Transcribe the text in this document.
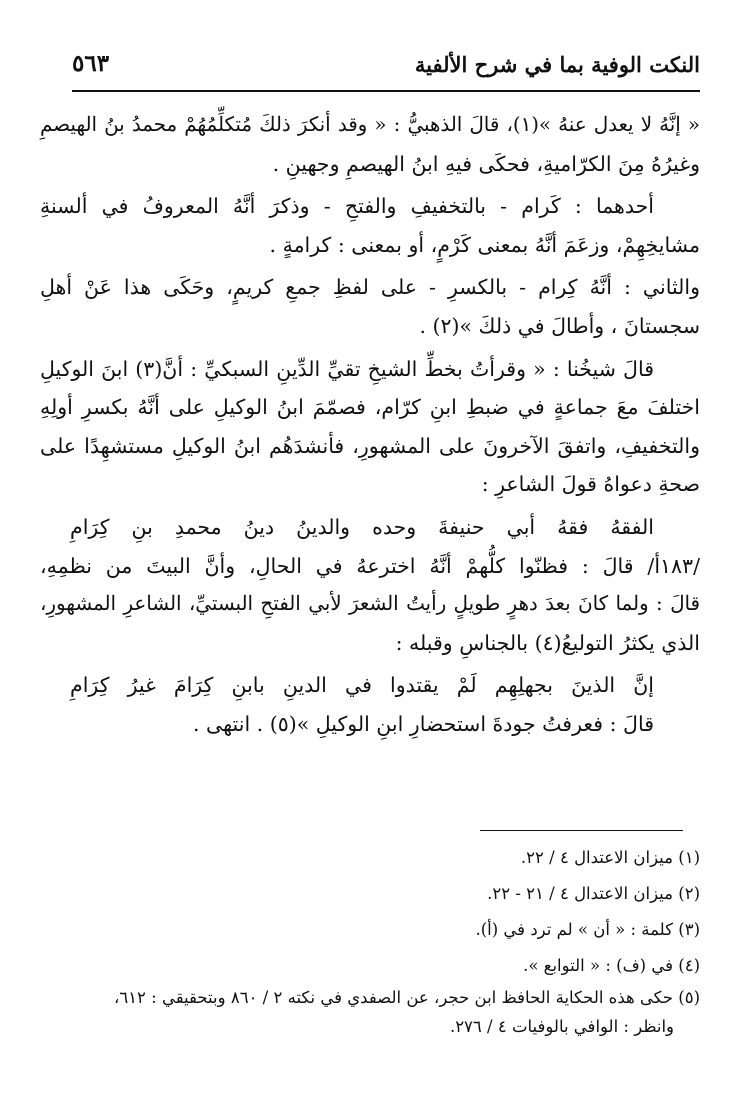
النكت الوفية بما في شرح الألفية
٥٦٣
« إنَّهُ لا يعدل عنهُ »(١)، قالَ الذهبيُّ : « وقد أنكرَ ذلكَ مُتكلِّمُهُمْ محمدُ بنُ الهيصمِ
وغيرُهُ مِنَ الكرّاميةِ، فحكَى فيهِ ابنُ الهيصمِ وجهينِ .
أحدهما : كَرام - بالتخفيفِ والفتحِ - وذكرَ أنَّهُ المعروفُ في ألسنةِ
مشايخِهِمْ، وزعَمَ أنَّهُ بمعنى كَرْمٍ، أو بمعنى : كرامةٍ .
والثاني : أنَّهُ كِرام - بالكسرِ - على لفظِ جمعِ كريمٍ، وحَكَى هذا عَنْ أهلِ
سجستانَ ، وأطالَ في ذلكَ »(٢) .
قالَ شيخُنا : « وقرأتُ بخطِّ الشيخِ تقيِّ الدِّينِ السبكيِّ : أنَّ(٣) ابنَ الوكيلِ
اختلفَ معَ جماعةٍ في ضبطِ ابنِ كرّام، فصمّمَ ابنُ الوكيلِ على أنَّهُ بكسرِ أولِهِ
والتخفيفِ، واتفقَ الآخرونَ على المشهورِ، فأنشدَهُم ابنُ الوكيلِ مستشهِدًا على
صحةِ دعواهُ قولَ الشاعرِ :
الفقهُ فقهُ أبي حنيفةَ وحده والدينُ دينُ محمدِ بنِ كِرَامِ
/١٨٣أ/ قالَ : فظنّوا كلُّهمْ أنَّهُ اخترعهُ في الحالِ، وأنَّ البيتَ من نظمِهِ،
قالَ : ولما كانَ بعدَ دهرٍ طويلٍ رأيتُ الشعرَ لأبي الفتحِ البستيِّ، الشاعرِ المشهورِ،
الذي يكثرُ التوليعُ(٤) بالجناسِ وقبله :
إنَّ الذينَ بجهلِهِم لَمْ يقتدوا في الدينِ بابنِ كِرَامَ غيرُ كِرَامِ
قالَ : فعرفتُ جودةَ استحضارِ ابنِ الوكيلِ »(٥) . انتهى .
(١) ميزان الاعتدال ٤ / ٢٢.
(٢) ميزان الاعتدال ٤ / ٢١ - ٢٢.
(٣) كلمة : « أن » لم ترد في (أ).
(٤) في (ف) : « التوابع ».
(٥) حكى هذه الحكاية الحافظ ابن حجر، عن الصفدي في نكته ٢ / ٨٦٠ وبتحقيقي : ٦١٢،
وانظر : الوافي بالوفيات ٤ / ٢٧٦.
